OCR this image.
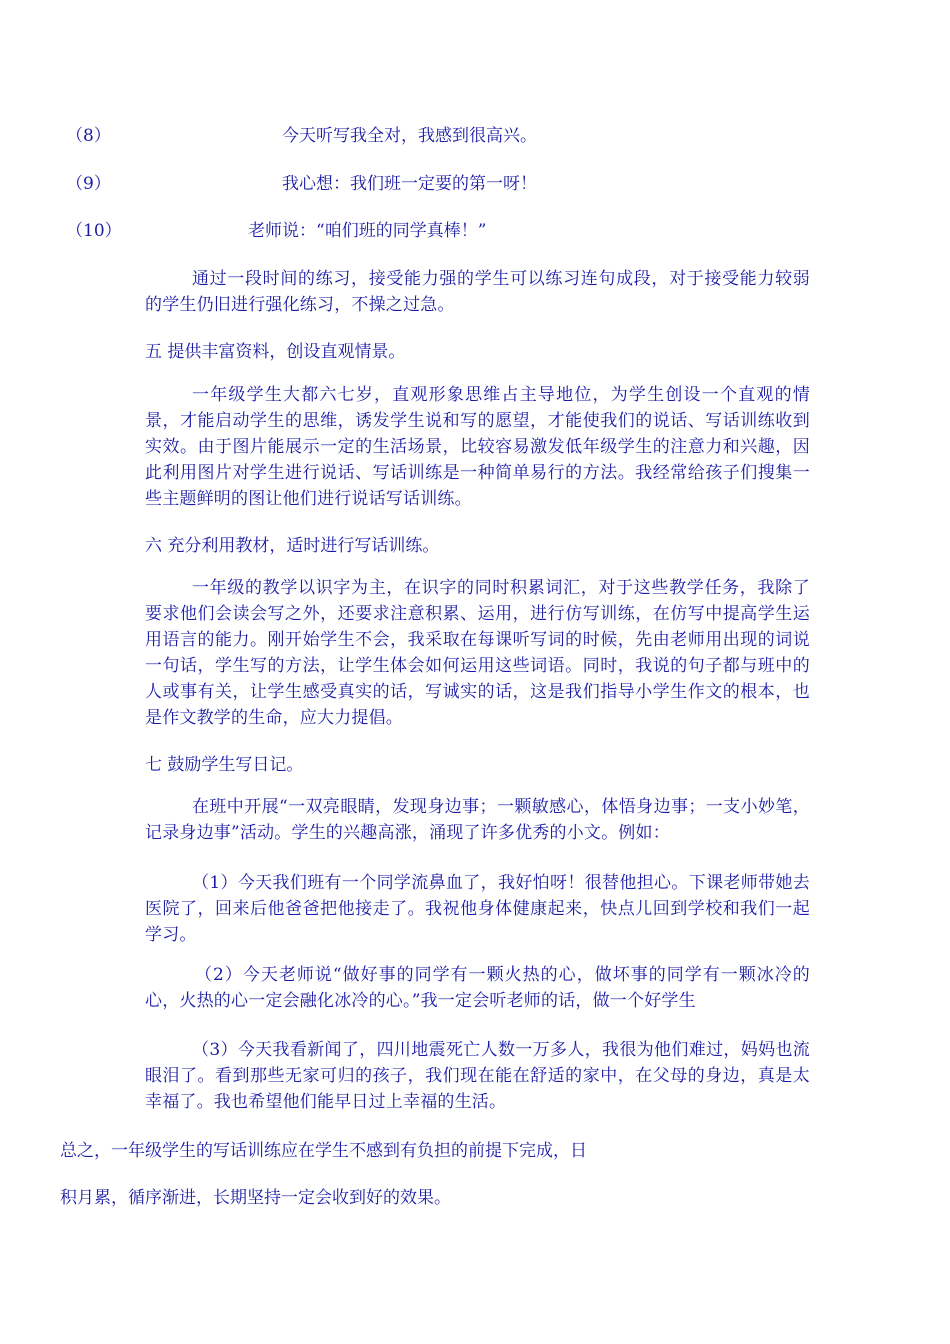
（8）	今天听写我全对，我感到很高兴。
（9）	我心想：我们班一定要的第一呀！
（10）	老师说：“咱们班的同学真棒！”
通过一段时间的练习，接受能力强的学生可以练习连句成段，对于接受能力较弱的学生仍旧进行强化练习，不操之过急。
五 提供丰富资料，创设直观情景。
一年级学生大都六七岁，直观形象思维占主导地位，为学生创设一个直观的情景，才能启动学生的思维，诱发学生说和写的愿望，才能使我们的说话、写话训练收到实效。由于图片能展示一定的生活场景，比较容易激发低年级学生的注意力和兴趣，因此利用图片对学生进行说话、写话训练是一种简单易行的方法。我经常给孩子们搜集一些主题鲜明的图让他们进行说话写话训练。
六 充分利用教材，适时进行写话训练。
一年级的教学以识字为主，在识字的同时积累词汇，对于这些教学任务，我除了要求他们会读会写之外，还要求注意积累、运用，进行仿写训练，在仿写中提高学生运用语言的能力。刚开始学生不会，我采取在每课听写词的时候，先由老师用出现的词说一句话，学生写的方法，让学生体会如何运用这些词语。同时，我说的句子都与班中的人或事有关，让学生感受真实的话，写诚实的话，这是我们指导小学生作文的根本，也是作文教学的生命，应大力提倡。
七 鼓励学生写日记。
在班中开展“一双亮眼睛，发现身边事；一颗敏感心，体悟身边事；一支小妙笔，记录身边事”活动。学生的兴趣高涨，涌现了许多优秀的小文。例如：
（1）今天我们班有一个同学流鼻血了，我好怕呀！很替他担心。下课老师带她去医院了，回来后他爸爸把他接走了。我祝他身体健康起来，快点儿回到学校和我们一起学习。
（2）今天老师说“做好事的同学有一颗火热的心，做坏事的同学有一颗冰冷的心，火热的心一定会融化冰冷的心。”我一定会听老师的话，做一个好学生
（3）今天我看新闻了，四川地震死亡人数一万多人，我很为他们难过，妈妈也流眼泪了。看到那些无家可归的孩子，我们现在能在舒适的家中，在父母的身边，真是太幸福了。我也希望他们能早日过上幸福的生活。
总之，一年级学生的写话训练应在学生不感到有负担的前提下完成，日
积月累，循序渐进，长期坚持一定会收到好的效果。
